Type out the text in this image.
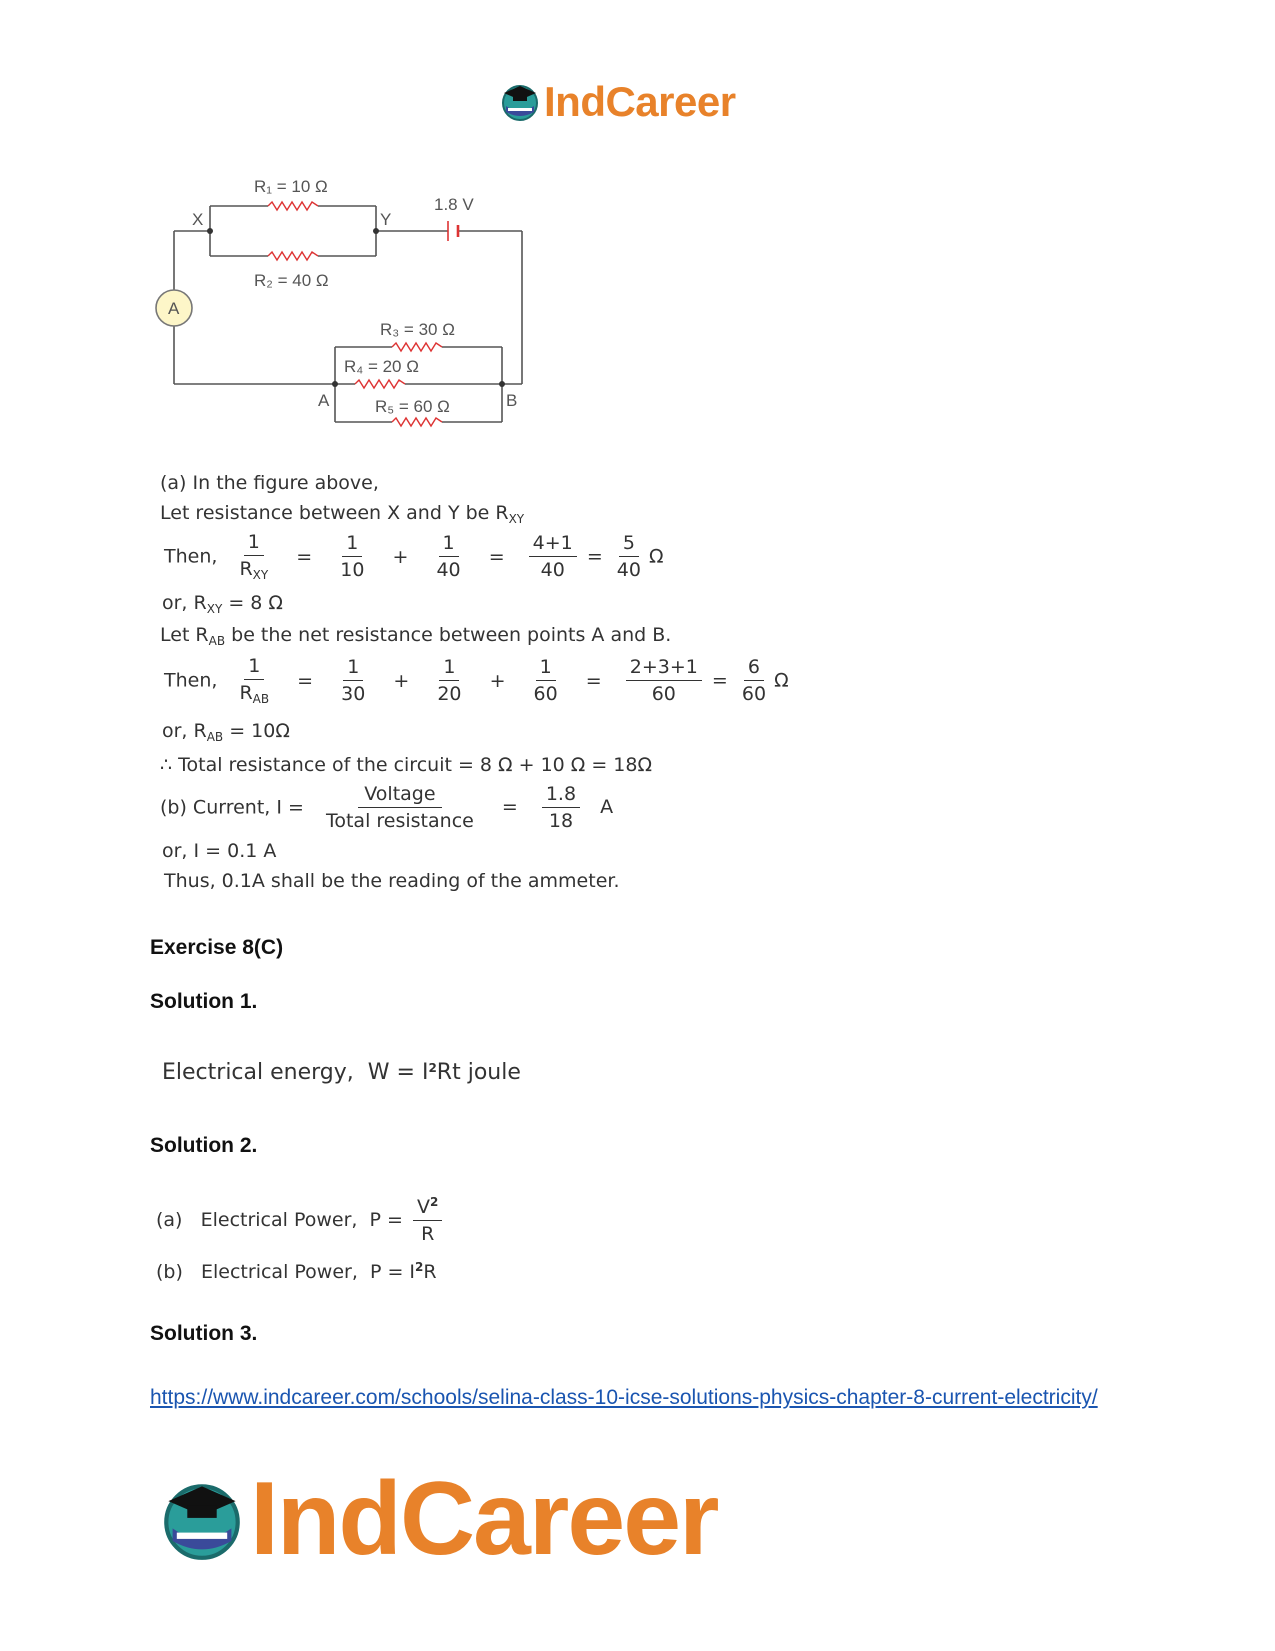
IndCareer
A
R₁ = 10 Ω
R₂ = 40 Ω
R₃ = 30 Ω
R₄ = 20 Ω
R₅ = 60 Ω
1.8 V
X	Y
A	B
(a) In the figure above,
Let resistance between X and Y be $R_{XY}$
Then, $\frac{1}{R_{XY}} = \frac{1}{10} + \frac{1}{40} = \frac{4+1}{40} = \frac{5}{40}$ Ω
or, $R_{XY} = 8$ Ω
Let $R_{AB}$ be the net resistance between points A and B.
Then, $\frac{1}{R_{AB}} = \frac{1}{30} + \frac{1}{20} + \frac{1}{60} = \frac{2+3+1}{60} = \frac{6}{60}$ Ω
or, $R_{AB} = 10\Omega$
∴ Total resistance of the circuit = 8 Ω + 10 Ω = 18Ω
(b) Current, $I = \frac{\text{Voltage}}{\text{Total resistance}} = \frac{1.8}{18}$ A
or, I = 0.1 A
Thus, 0.1A shall be the reading of the ammeter.
Exercise 8(C)
Solution 1.
Electrical energy, $W = I^2Rt$ joule
Solution 2.
(a) Electrical Power, $P = \frac{V^2}{R}$
(b) Electrical Power, $P = I^2R$
Solution 3.
https://www.indcareer.com/schools/selina-class-10-icse-solutions-physics-chapter-8-current-electricity/
IndCareer
